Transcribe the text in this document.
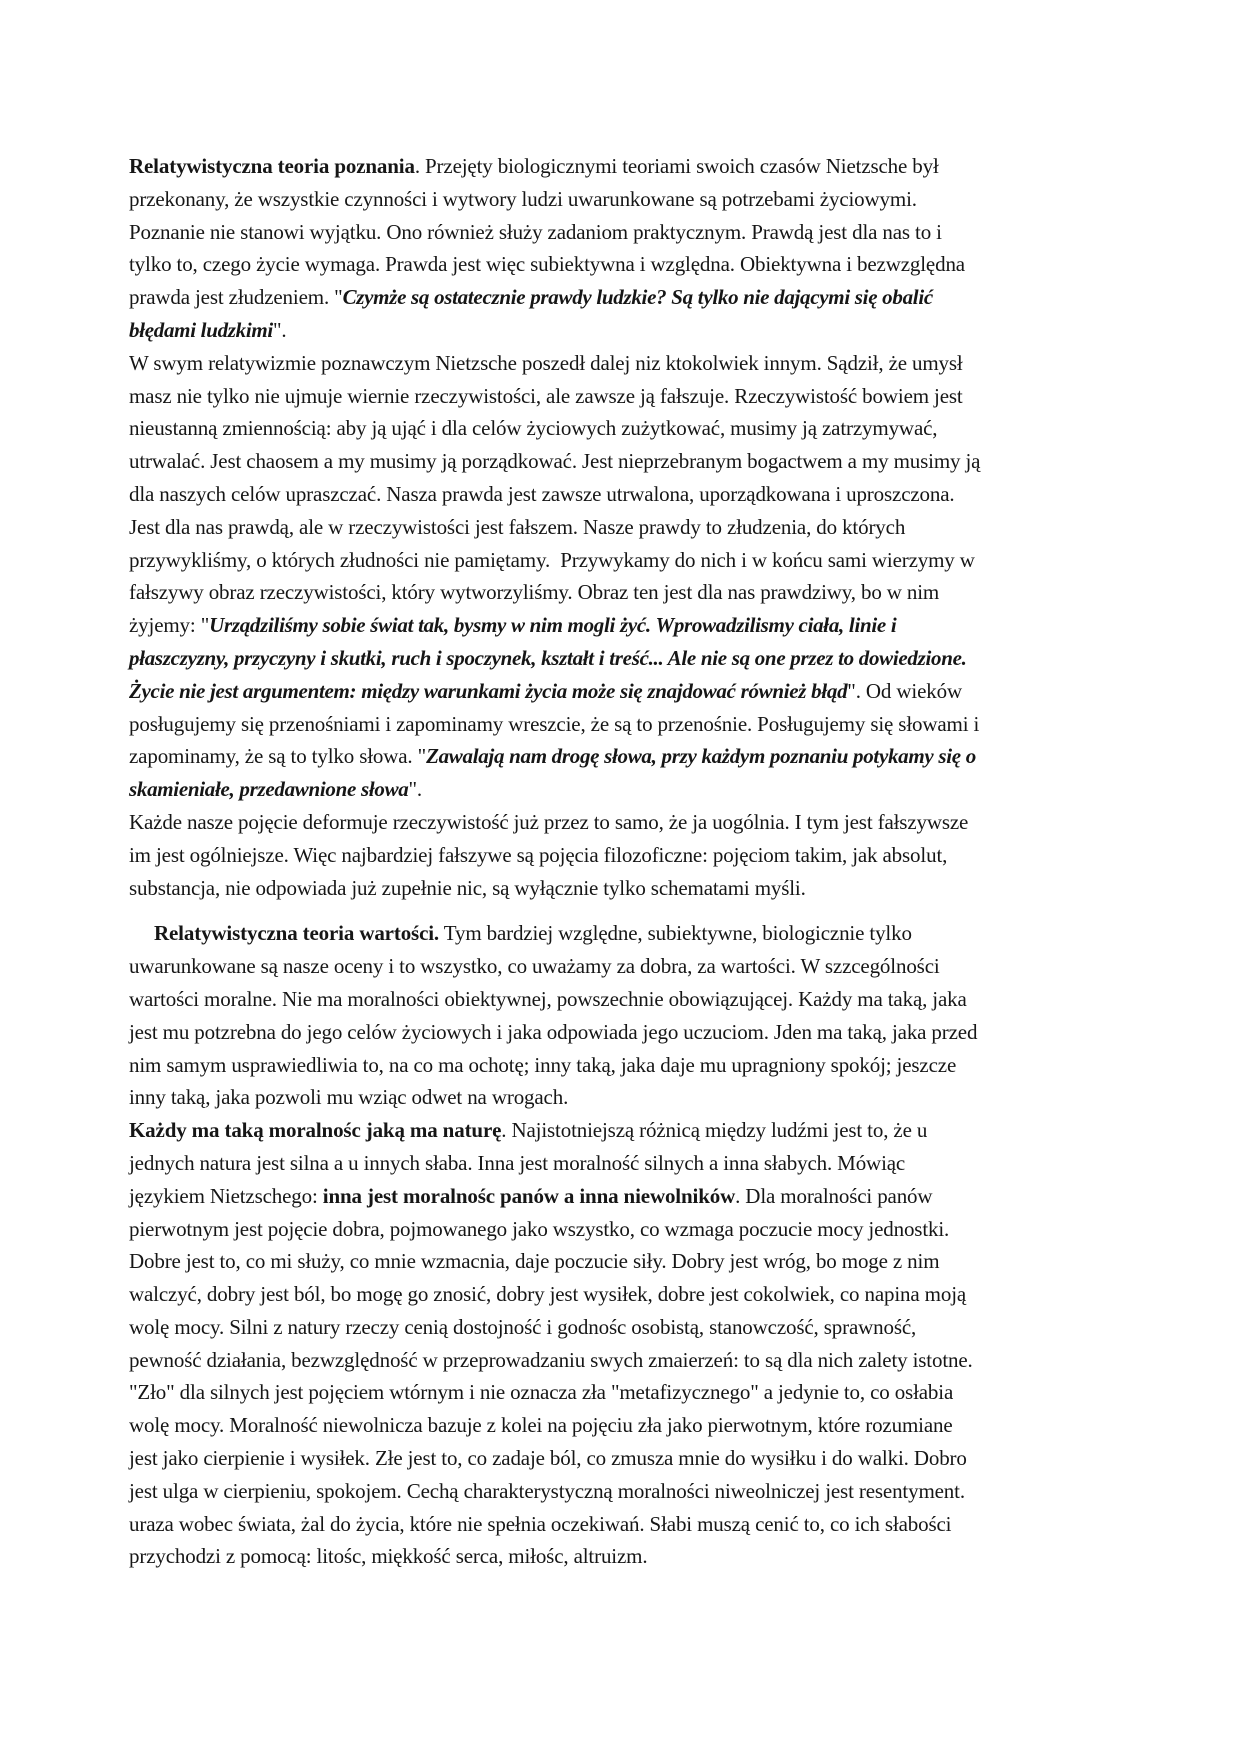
Relatywistyczna teoria poznania. Przejęty biologicznymi teoriami swoich czasów Nietzsche był
przekonany, że wszystkie czynności i wytwory ludzi uwarunkowane są potrzebami życiowymi.
Poznanie nie stanowi wyjątku. Ono również służy zadaniom praktycznym. Prawdą jest dla nas to i
tylko to, czego życie wymaga. Prawda jest więc subiektywna i względna. Obiektywna i bezwzględna
prawda jest złudzeniem. "Czymże są ostatecznie prawdy ludzkie? Są tylko nie dającymi się obalić
błędami ludzkimi".
W swym relatywizmie poznawczym Nietzsche poszedł dalej niz ktokolwiek innym. Sądził, że umysł
masz nie tylko nie ujmuje wiernie rzeczywistości, ale zawsze ją fałszuje. Rzeczywistość bowiem jest
nieustanną zmiennością: aby ją ująć i dla celów życiowych zużytkować, musimy ją zatrzymywać,
utrwalać. Jest chaosem a my musimy ją porządkować. Jest nieprzebranym bogactwem a my musimy ją
dla naszych celów upraszczać. Nasza prawda jest zawsze utrwalona, uporządkowana i uproszczona.
Jest dla nas prawdą, ale w rzeczywistości jest fałszem. Nasze prawdy to złudzenia, do których
przywykliśmy, o których złudności nie pamiętamy.  Przywykamy do nich i w końcu sami wierzymy w
fałszywy obraz rzeczywistości, który wytworzyliśmy. Obraz ten jest dla nas prawdziwy, bo w nim
żyjemy: "Urządziliśmy sobie świat tak, bysmy w nim mogli żyć. Wprowadzilismy ciała, linie i
płaszczyzny, przyczyny i skutki, ruch i spoczynek, kształt i treść... Ale nie są one przez to dowiedzione.
Życie nie jest argumentem: między warunkami życia może się znajdować również błąd". Od wieków
posługujemy się przenośniami i zapominamy wreszcie, że są to przenośnie. Posługujemy się słowami i
zapominamy, że są to tylko słowa. "Zawalają nam drogę słowa, przy każdym poznaniu potykamy się o
skamieniałe, przedawnione słowa".
Każde nasze pojęcie deformuje rzeczywistość już przez to samo, że ja uogólnia. I tym jest fałszywsze
im jest ogólniejsze. Więc najbardziej fałszywe są pojęcia filozoficzne: pojęciom takim, jak absolut,
substancja, nie odpowiada już zupełnie nic, są wyłącznie tylko schematami myśli.
Relatywistyczna teoria wartości. Tym bardziej względne, subiektywne, biologicznie tylko
uwarunkowane są nasze oceny i to wszystko, co uważamy za dobra, za wartości. W szzcególności
wartości moralne. Nie ma moralności obiektywnej, powszechnie obowiązującej. Każdy ma taką, jaka
jest mu potzrebna do jego celów życiowych i jaka odpowiada jego uczuciom. Jden ma taką, jaka przed
nim samym usprawiedliwia to, na co ma ochotę; inny taką, jaka daje mu upragniony spokój; jeszcze
inny taką, jaka pozwoli mu wziąc odwet na wrogach.
Każdy ma taką moralnośc jaką ma naturę. Najistotniejszą różnicą między ludźmi jest to, że u
jednych natura jest silna a u innych słaba. Inna jest moralność silnych a inna słabych. Mówiąc
językiem Nietzschego: inna jest moralnośc panów a inna niewolników. Dla moralności panów
pierwotnym jest pojęcie dobra, pojmowanego jako wszystko, co wzmaga poczucie mocy jednostki.
Dobre jest to, co mi służy, co mnie wzmacnia, daje poczucie siły. Dobry jest wróg, bo moge z nim
walczyć, dobry jest ból, bo mogę go znosić, dobry jest wysiłek, dobre jest cokolwiek, co napina moją
wolę mocy. Silni z natury rzeczy cenią dostojność i godnośc osobistą, stanowczość, sprawność,
pewność działania, bezwzględność w przeprowadzaniu swych zmaierzeń: to są dla nich zalety istotne.
"Zło" dla silnych jest pojęciem wtórnym i nie oznacza zła "metafizycznego" a jedynie to, co osłabia
wolę mocy. Moralność niewolnicza bazuje z kolei na pojęciu zła jako pierwotnym, które rozumiane
jest jako cierpienie i wysiłek. Złe jest to, co zadaje ból, co zmusza mnie do wysiłku i do walki. Dobro
jest ulga w cierpieniu, spokojem. Cechą charakterystyczną moralności niweolniczej jest resentyment.
uraza wobec świata, żal do życia, które nie spełnia oczekiwań. Słabi muszą cenić to, co ich słabości
przychodzi z pomocą: litośc, miękkość serca, miłośc, altruizm.
